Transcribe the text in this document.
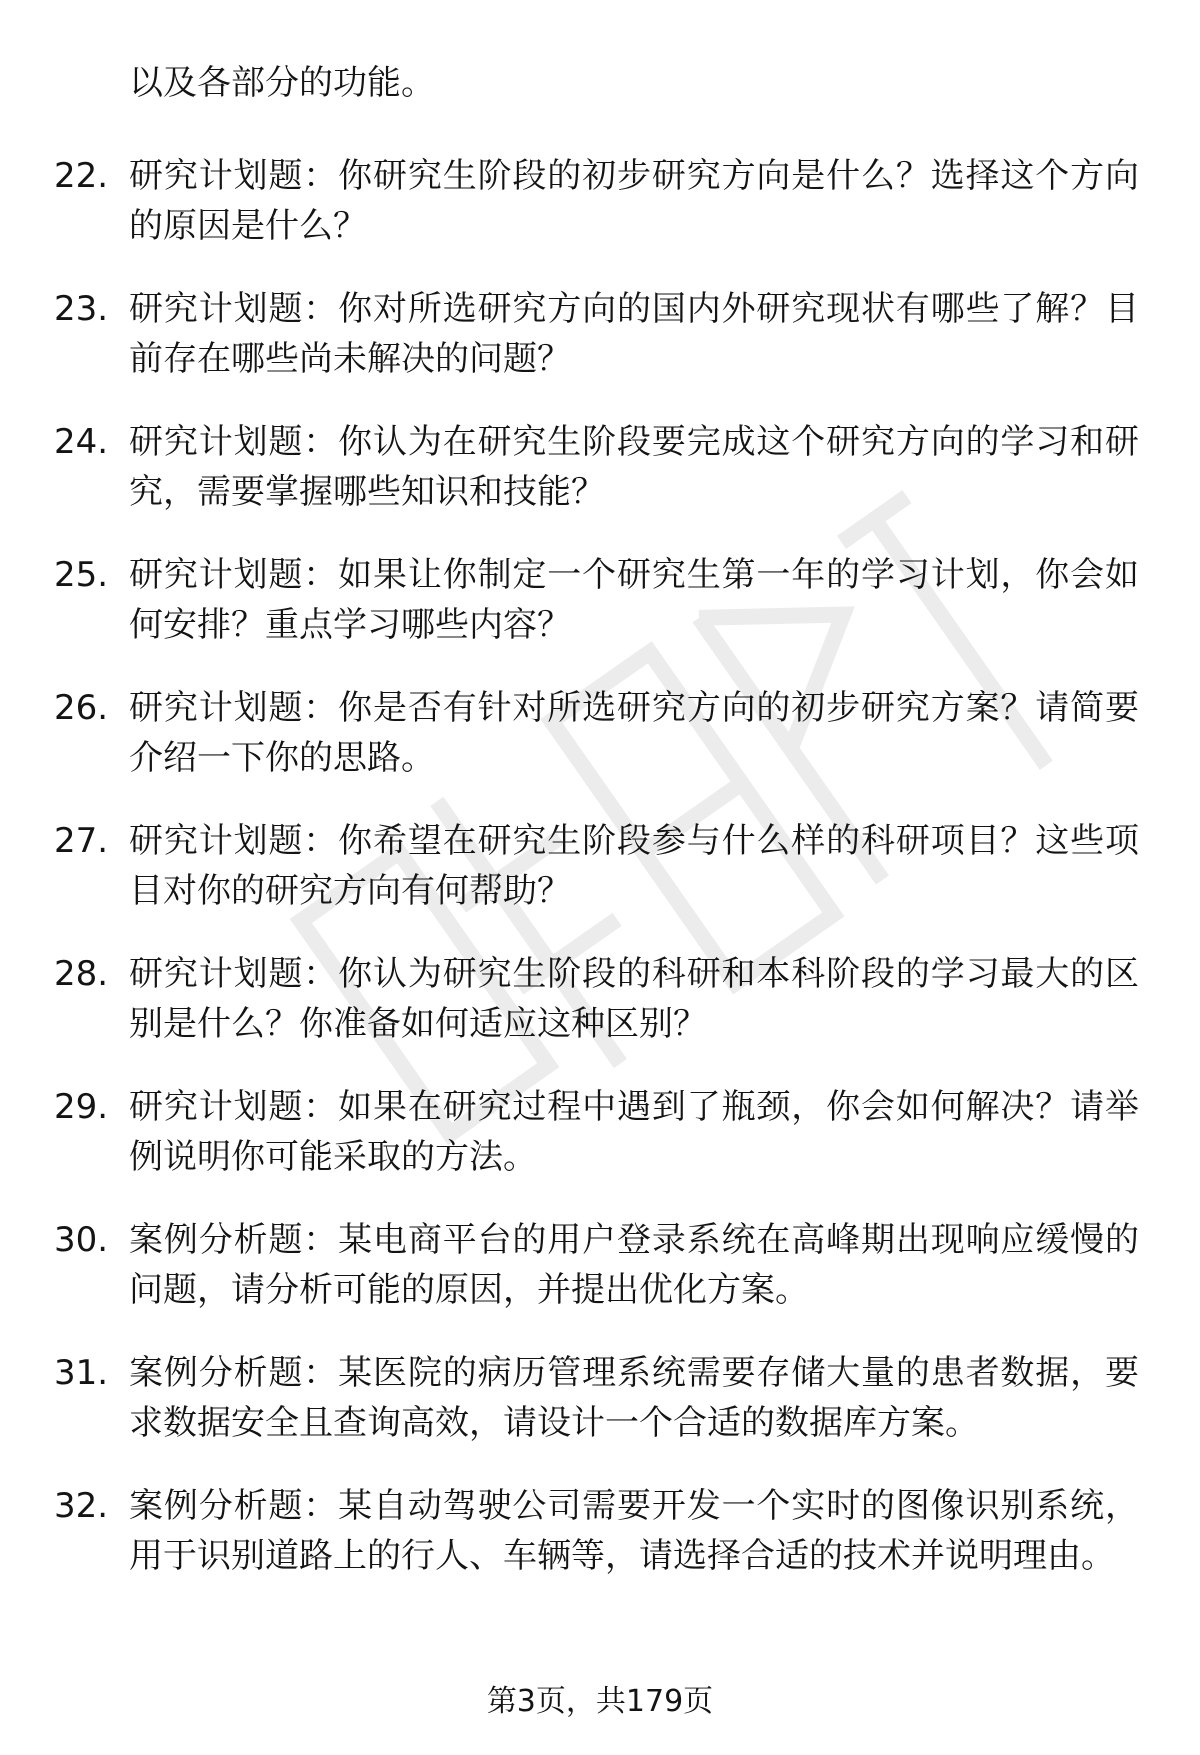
以及各部分的功能。

22. 研究计划题：你研究生阶段的初步研究方向是什么？选择这个方向的原因是什么？

23. 研究计划题：你对所选研究方向的国内外研究现状有哪些了解？目前存在哪些尚未解决的问题？

24. 研究计划题：你认为在研究生阶段要完成这个研究方向的学习和研究，需要掌握哪些知识和技能？

25. 研究计划题：如果让你制定一个研究生第一年的学习计划，你会如何安排？重点学习哪些内容？

26. 研究计划题：你是否有针对所选研究方向的初步研究方案？请简要介绍一下你的思路。

27. 研究计划题：你希望在研究生阶段参与什么样的科研项目？这些项目对你的研究方向有何帮助？

28. 研究计划题：你认为研究生阶段的科研和本科阶段的学习最大的区别是什么？你准备如何适应这种区别？

29. 研究计划题：如果在研究过程中遇到了瓶颈，你会如何解决？请举例说明你可能采取的方法。

30. 案例分析题：某电商平台的用户登录系统在高峰期出现响应缓慢的问题，请分析可能的原因，并提出优化方案。

31. 案例分析题：某医院的病历管理系统需要存储大量的患者数据，要求数据安全且查询高效，请设计一个合适的数据库方案。

32. 案例分析题：某自动驾驶公司需要开发一个实时的图像识别系统，用于识别道路上的行人、车辆等，请选择合适的技术并说明理由。

第3页，共179页
